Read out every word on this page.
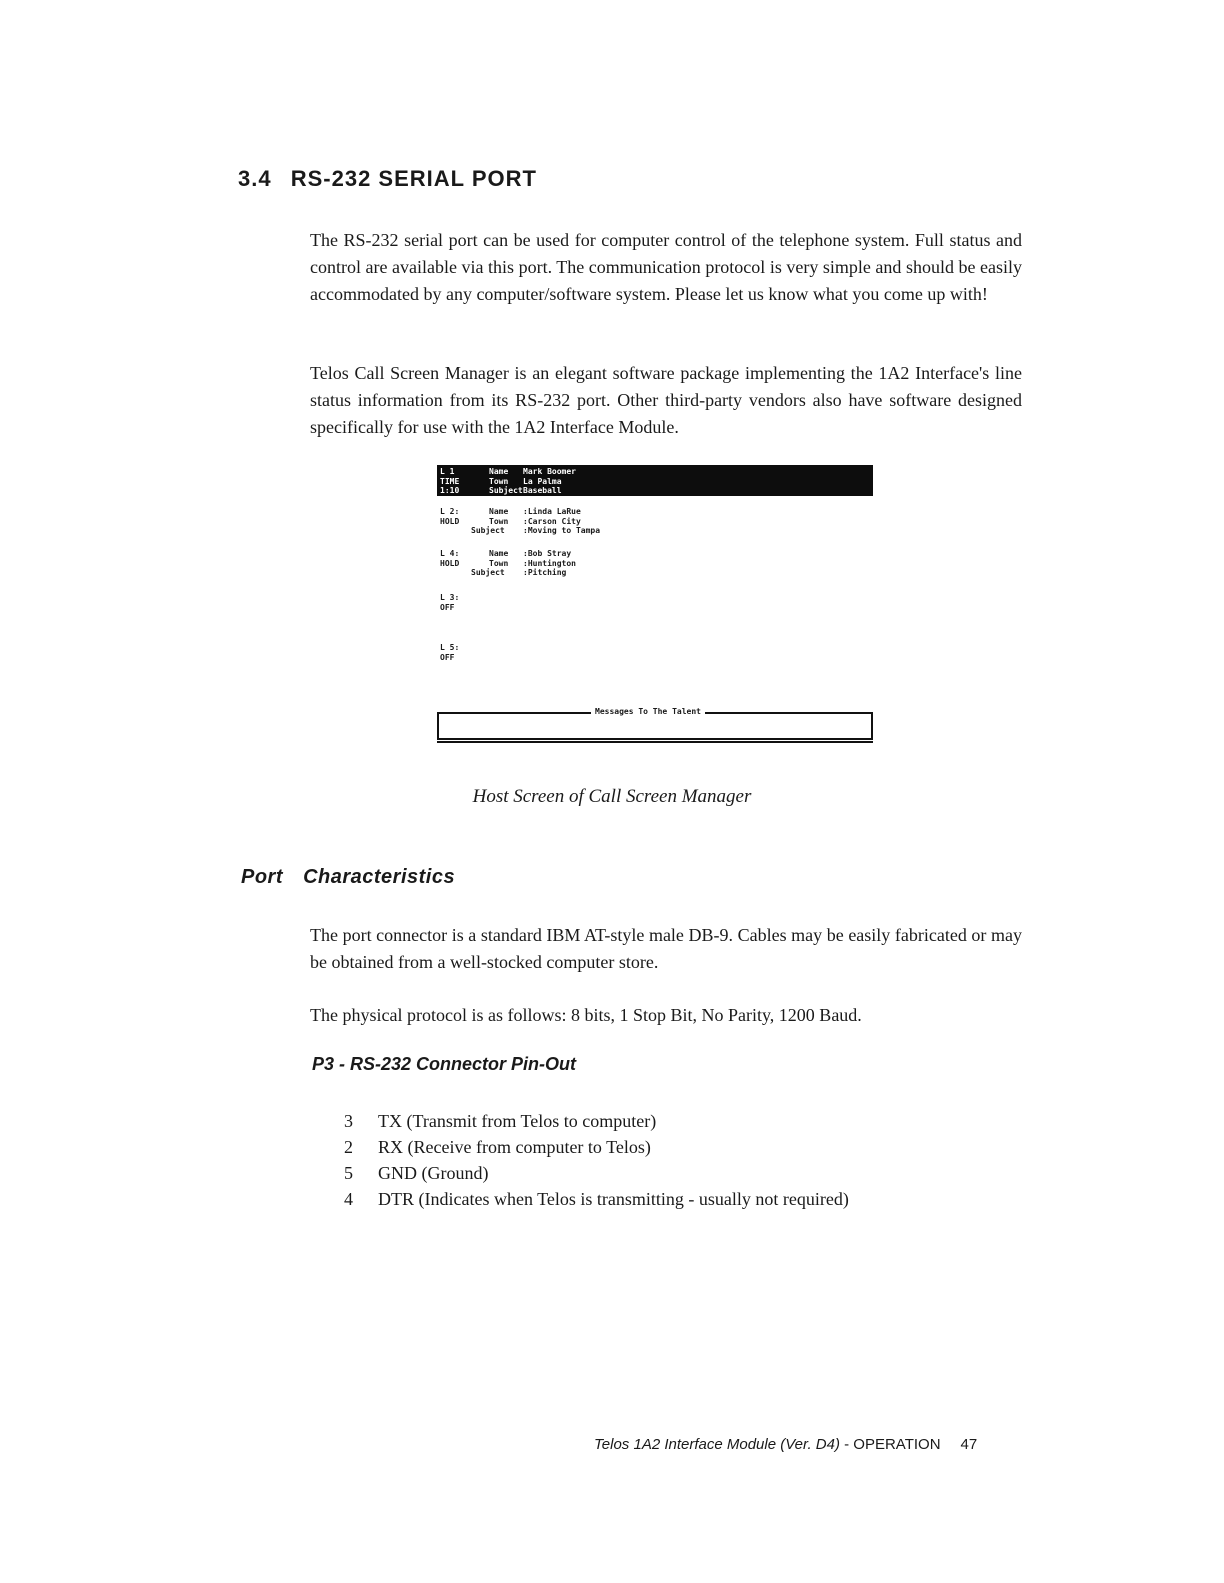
3.4 RS-232 SERIAL PORT

The RS-232 serial port can be used for computer control of the telephone system. Full status and control are available via this port. The communication protocol is very simple and should be easily accommodated by any computer/software system. Please let us know what you come up with!

Telos Call Screen Manager is an elegant software package implementing the 1A2 Interface's line status information from its RS-232 port. Other third-party vendors also have software designed specifically for use with the 1A2 Interface Module.

L 1	Name Mark Boomer
TIME	Town La Palma
1:10	Subject Baseball
L 2:	Name :Linda LaRue
HOLD	Town :Carson City
Subject :Moving to Tampa
L 4:	Name :Bob Stray
HOLD	Town :Huntington
Subject :Pitching
L 3:
OFF
L 5:
OFF
Messages To The Talent

Host Screen of Call Screen Manager

Port Characteristics

The port connector is a standard IBM AT-style male DB-9. Cables may be easily fabricated or may be obtained from a well-stocked computer store.

The physical protocol is as follows: 8 bits, 1 Stop Bit, No Parity, 1200 Baud.

P3 - RS-232 Connector Pin-Out
3 TX (Transmit from Telos to computer)
2 RX (Receive from computer to Telos)
5 GND (Ground)
4 DTR (Indicates when Telos is transmitting - usually not required)

Telos 1A2 Interface Module (Ver. D4) - OPERATION 47
